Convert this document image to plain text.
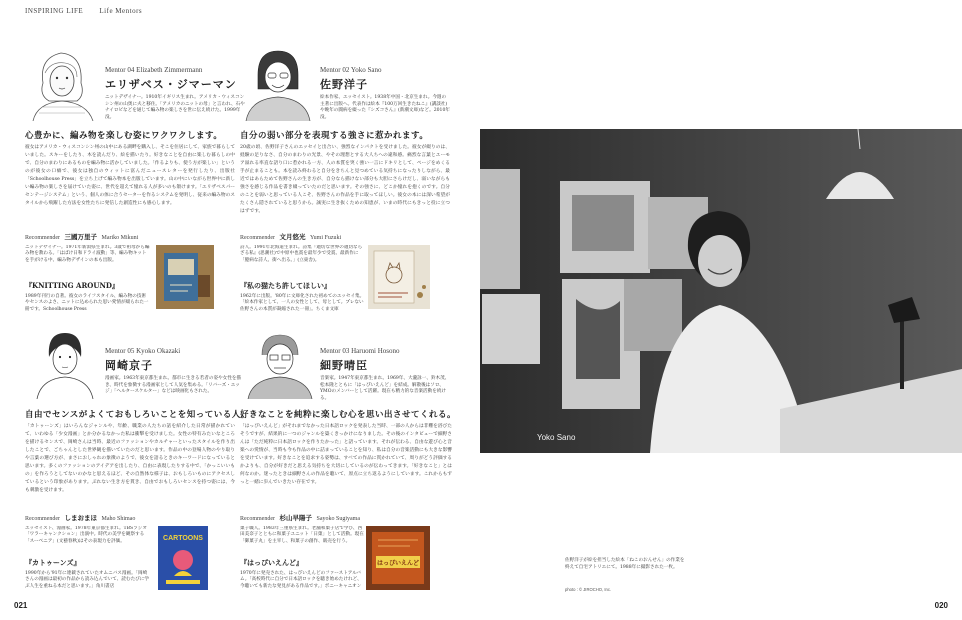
INSPIRING LIFE Life Mentors
Mentor 04 Elizabeth Zimmermann
エリザベス・ジマーマン
ニットデザイナー。1910年イギリス生まれ。アメリカ・ウィスコンシン州の山奥に夫と移住。「アメリカのニットの母」と言われ、石やナイロビなどを通じて編み物の楽しさを世に伝え続けた。1999年没。

心豊かに、編み物を楽しむ姿にワクワクします。

彼女はアメリカ・ウィスコンシン州の山中にある湖畔を購入し、そこを住居にして、家族で暮らしていました。スキーをしたり、木を読んだり、絵を描いたり。好きなことを自由に楽しむ暮らしの中で、自分のまわりにあるものを編み物に活かしていました。「作るよりも、使う方が楽しい」というのが彼女の口癖で、彼女は独自のウィットに富んだニュースレターを発行したり、出版社「Schoolhouse Press」を立ち上げて編み物本を出版しています。山の中にいながら世界中に新しい編み物の楽しさを届けていた姿に、世代を超えて憧れる人が多いのも頷けます。「エリザベスパーセンテージシステム」という、個人の体に合うセーターを作るシステムを発明し、従来の編み物のスタイルから飛躍した方法を女性たちに発信した創造性にも感心します。
Recommender 三國万里子 Mariko Mikuni
ニットデザイナー。1971年新潟県生まれ。3歳で祖母から編み物を教わる。「はばけ日和ドライ波動」等、編み物キットを手がける中、編み物デザインの本も出版。
『KNITTING AROUND』
1989年刊行の自著。彼女のライフスタイル、編み物の技術やセンスのよさ、ニットに込められた思い愛情が綴られた一冊です。Schoolhouse Press
Mentor 02 Yoko Sano
佐野洋子
絵本作家、エッセイスト。1938年中国・北京生まれ。今週の主著に出版へ。代表作は絵本『100万回生きたねこ』(講談社)や晩年の闘病を綴った『シズコさん』(新潮文庫)など。2010年没。

自分の弱い部分を表現する強さに惹かれます。

20歳の頃、佐野洋子さんのエッセイと出合い、強烈なインパクトを受けました。彼女が綴りのは、経験の足りなさ、自分のまわりの光景、やその理想とする大人ちへの違和感。痛烈な言葉とユーモア溢れる率直な語り口に惹かれる一方、人の本質を突く強い一言にドキリとして、ページをめくる手が止まることも。本を読み終わると自分をきちんと見つめている気持ちになったりしながら、最近ではあらためて佐野さんの生き方が、自分なら描けない部分も大胆にさらけだし、弱いながらも強さを感じる作品を書き綴っていたのだと思います。その強さに、どこか憧れを抱くのです。自分のことを弱いと思っている人こそ、佐野さんの作品を手に取ってほしい。彼女の本には深い希望がたくさん隠されていると思うから。誠実に生き抜くための知恵が、いまの時代にもきっと役に立つはずです。
Recommender 文月悠光 Yumi Fuzuki
詩人。1991年北海道生まれ。詩集『適切な世界の適切ならざる私』(思潮社)で中原中也賞を最年少で受賞。最新作に「臆病な詩人、街へ出る。」(立東舎)。
『私の猫たち許してほしい』
1962年に出版。'80年に文庫化された初めてのエッセイ集。「絵本作家として、一人の女性として、母として。プレない佐野さんの本質が凝縮された一冊」。ちくま文庫
Mentor 05 Kyoko Okazaki
岡崎京子
漫画家。1963年東京都生まれ。都市に生きる若者の姿や女性を描き、時代を象徴する漫画家として人気を集める。「リバーズ・エッジ」「ヘルタースケルター」などは映画化もされた。

自由でセンスがよくておもしろいことを知っている人。

「カトゥーンズ」はいろんなジャンルや、年齢、職業の人たちの話を紹介した日常が描かれていて、いわゆる「少女漫画」とか分かるなかった私は衝撃を受けました。女性の特有みたいなところを描けるセンスで、岡崎さんは当時、最近のファッションやカルチャーといったスタイルを作り出したことで、ごちゃんとした世界観を描いていたのだと思います。作品の中の登場人物のやり取りや言葉の選び方が、まさにおしゃれの象徴のようで、彼女を語るときのキーワードになっていると思います。多くのファッションのアイデアを出したり、自由に表現したりする中で、「かっこいいもの」を作ろうとしてないのかなと思えるほど、その自然体な様子は、おもしろいものにアクセスしているという印象があります。ぶれない生き方を貫き、自由でおもしろいセンスを持つ姿には、今も刺激を受けます。
Recommender しまおまほ Maho Shimao
エッセイスト、漫画家。1978年東京都生まれ。TBSラジオ「ワラーキャンクション」出演中。時代の美学を観察する「スーベニア」(文藝春秋)はその表現力を評価。
『カトゥーンズ』
1990年から'91年に連載されていたオムニバス漫画。「岡崎さんの漫画は最初の作品から読み込んでいて、読むたびに学ぶ人生を重ねる本だと思います。」角川書店
CARTOONS
Mentor 03 Haruomi Hosono
細野晴臣
音楽家。1947年東京都生まれ。1969年、大瀧詠一、鈴木茂、松本隆とともに「はっぴいえんど」を結成。解散後はソロ、YMOのメンバーとして活躍。現在も精力的な音楽活動を続ける。

好きなことを純粋に楽しむ心を思い出させてくれる。

「はっぴいえんど」がそれまでなかった日本語ロックを発表した当時、一部の人からは非難を浴びたそうですが、結果的に一つのジャンルを築くきっかけになりました。その後のインタビューで細野さんは「ただ純粋に日本語ロックを作りたかった」と語っています。それが伝わる、自由な遊び心と音楽への愛情が、当時も今も作品の中に詰まっていることを知り、私は自分の音楽活動にも大きな影響を受けています。好きなことを追求する姿勢は、すべての作品に貫かれていて、周りがどう評価するかよりも、自分が好きだと思える気持ちを大切にしているのが伝わってきます。「好きなこと」とは何なのか。迷ったときは細野さんの作品を聴いて、原点に立ち返るようにしています。これからもずっと一緒に歩んでいきたい存在です。
Recommender 杉山早陽子 Sayoko Sugiyama
菓子職人。1983年三重県生まれ。老舗和菓子店で学び、西田美奈子とともに和菓子ユニット「日菓」として活動。現在「御菓子丸」を主宰し、和菓子の創作、販売を行う。
『はっぴいえんど』
1970年に発売された、はっぴいえんどのファーストアルバム。「高校時代に自分で日本語ロックを聴き始めたけれど、今聴いても新たな発見がある作品です。」ポニーキャニオン
はっぴいえんど
Yoko Sano
佐野洋子が絵を担当した絵本「ねこのおんせん」の作業を終えて自宅アトリエにて。1988年に撮影された一枚。
photo : © JIROCHO, Inc.
021	020
